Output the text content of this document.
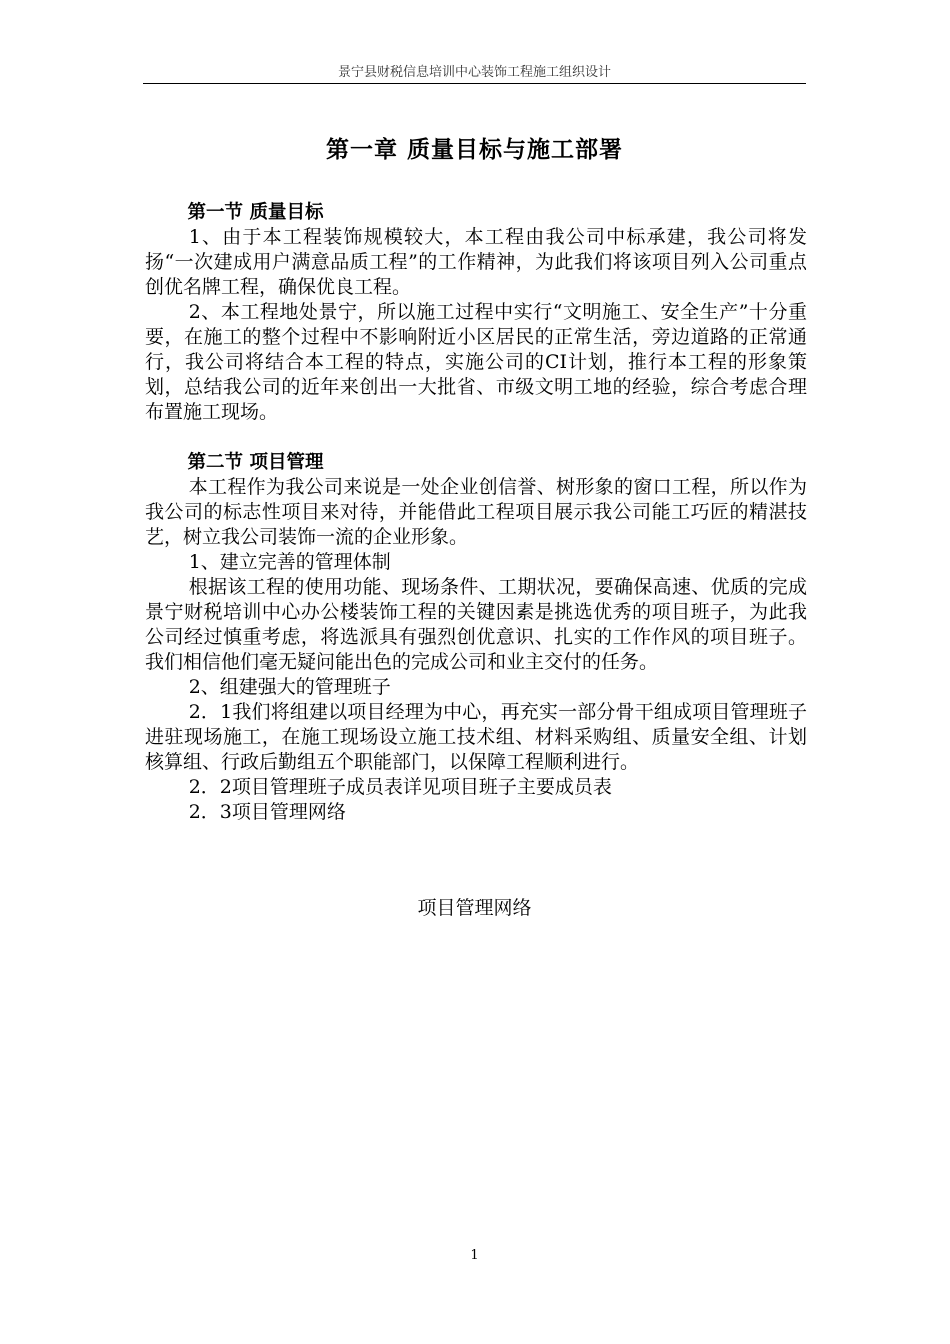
景宁县财税信息培训中心装饰工程施工组织设计
第一章 质量目标与施工部署
第一节 质量目标

1、由于本工程装饰规模较大，本工程由我公司中标承建，我公司将发扬“一次建成用户满意品质工程”的工作精神，为此我们将该项目列入公司重点创优名牌工程，确保优良工程。

2、本工程地处景宁，所以施工过程中实行“文明施工、安全生产”十分重要，在施工的整个过程中不影响附近小区居民的正常生活，旁边道路的正常通行，我公司将结合本工程的特点，实施公司的CI计划，推行本工程的形象策划，总结我公司的近年来创出一大批省、市级文明工地的经验，综合考虑合理布置施工现场。

第二节 项目管理

本工程作为我公司来说是一处企业创信誉、树形象的窗口工程，所以作为我公司的标志性项目来对待，并能借此工程项目展示我公司能工巧匠的精湛技艺，树立我公司装饰一流的企业形象。

1、建立完善的管理体制

根据该工程的使用功能、现场条件、工期状况，要确保高速、优质的完成景宁财税培训中心办公楼装饰工程的关键因素是挑选优秀的项目班子，为此我公司经过慎重考虑，将选派具有强烈创优意识、扎实的工作作风的项目班子。我们相信他们毫无疑问能出色的完成公司和业主交付的任务。

2、组建强大的管理班子

2．1我们将组建以项目经理为中心，再充实一部分骨干组成项目管理班子进驻现场施工，在施工现场设立施工技术组、材料采购组、质量安全组、计划核算组、行政后勤组五个职能部门，以保障工程顺利进行。

2．2项目管理班子成员表详见项目班子主要成员表

2．3项目管理网络

项目管理网络
1
